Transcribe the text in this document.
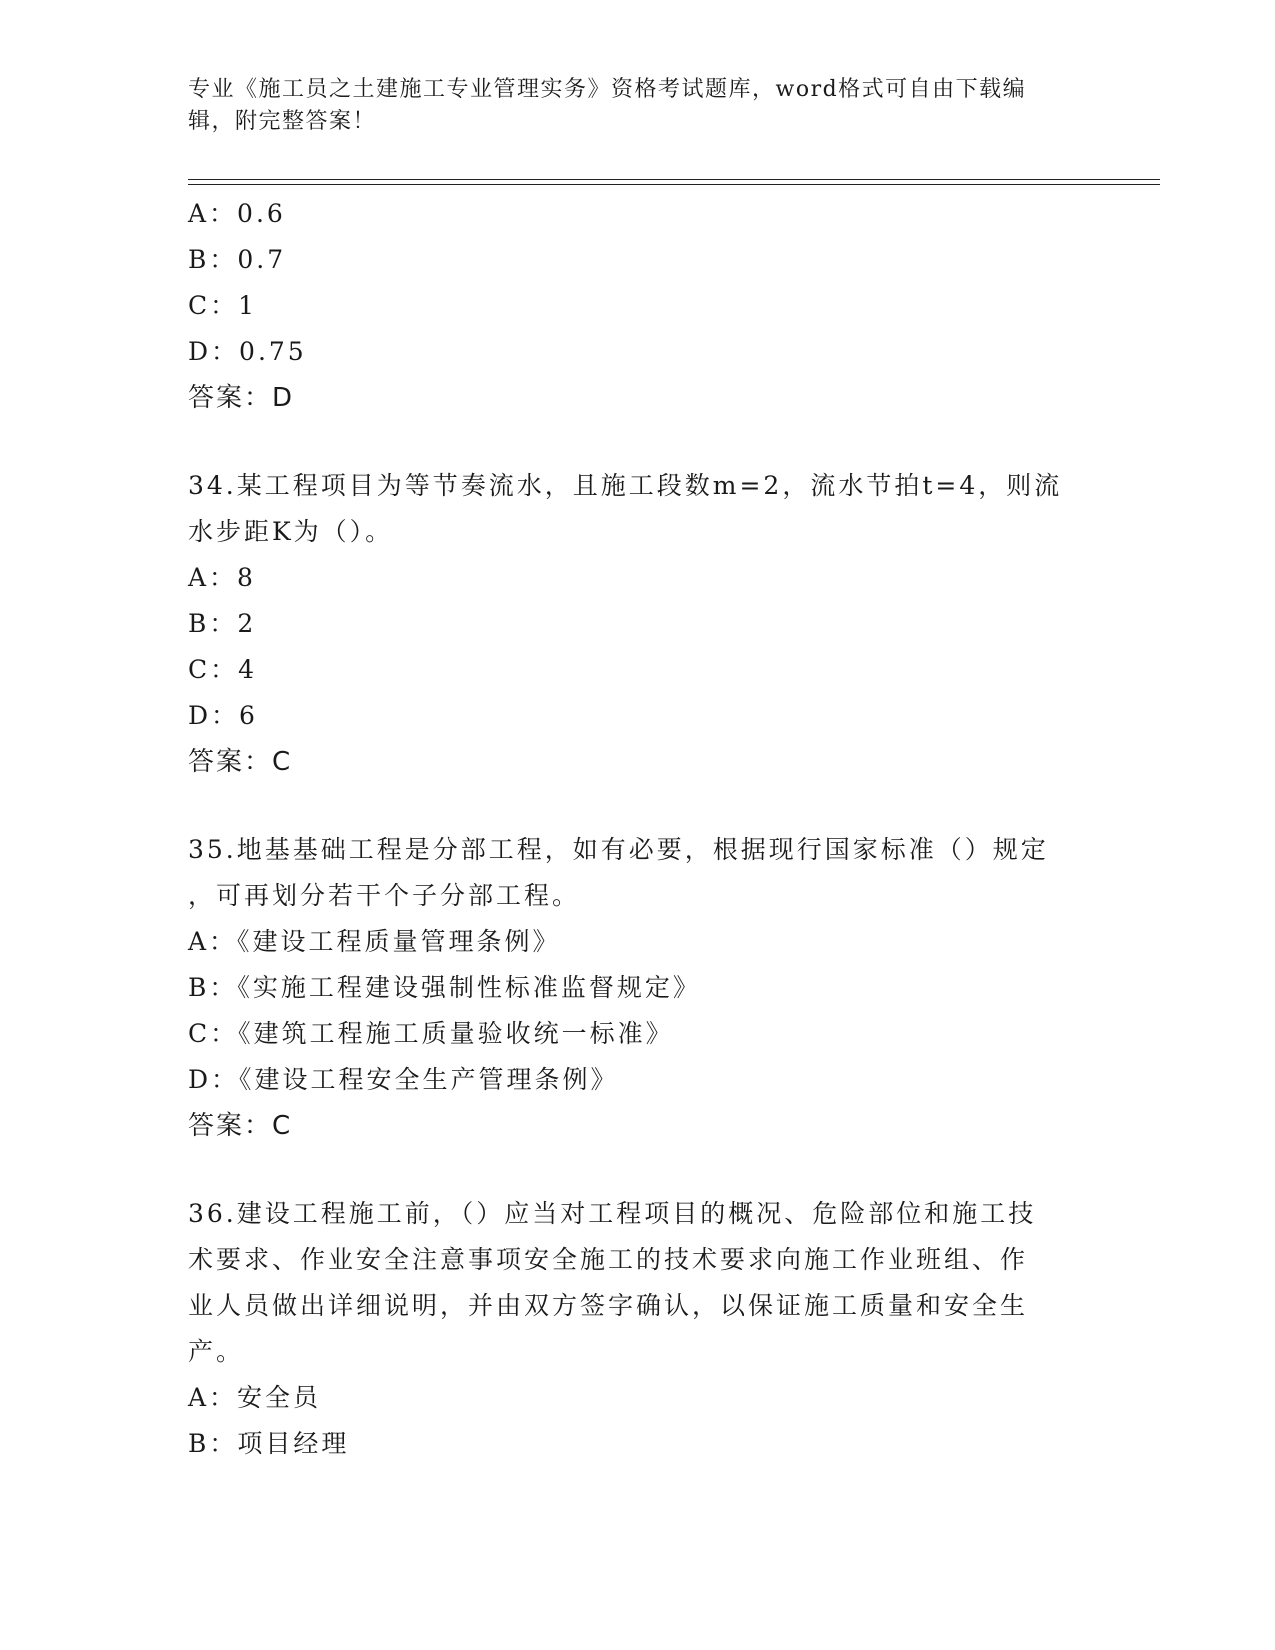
专业《施工员之土建施工专业管理实务》资格考试题库，word格式可自由下载编
辑，附完整答案！
A：0.6
B：0.7
C：1
D：0.75
答案：D
34.某工程项目为等节奏流水，且施工段数m=2，流水节拍t=4，则流
水步距K为（）。
A：8
B：2
C：4
D：6
答案：C
35.地基基础工程是分部工程，如有必要，根据现行国家标准（）规定
，可再划分若干个子分部工程。
A：《建设工程质量管理条例》
B：《实施工程建设强制性标准监督规定》
C：《建筑工程施工质量验收统一标准》
D：《建设工程安全生产管理条例》
答案：C
36.建设工程施工前，（）应当对工程项目的概况、危险部位和施工技
术要求、作业安全注意事项安全施工的技术要求向施工作业班组、作
业人员做出详细说明，并由双方签字确认，以保证施工质量和安全生
产。
A：安全员
B：项目经理
